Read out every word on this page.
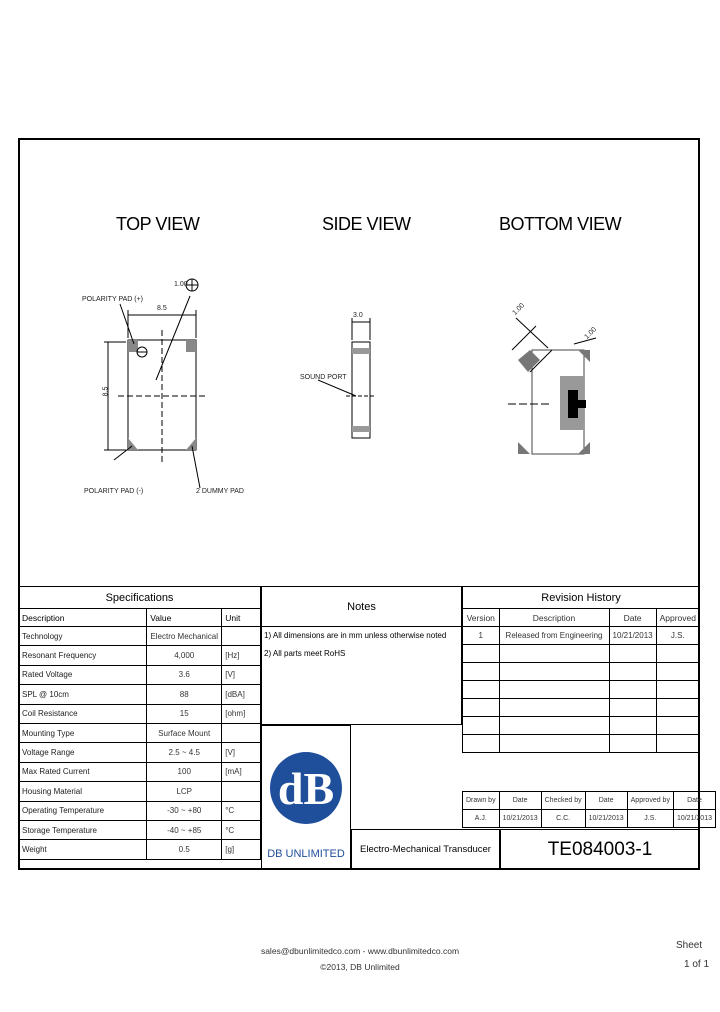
TOP VIEW	SIDE VIEW	BOTTOM VIEW
POLARITY PAD (+)
POLARITY PAD (-)	2 DUMMY PAD
8.5
8.5
1.00
3.0
SOUND PORT
1.00
1.00
Specifications		
Description	Value	Unit
Technology	Electro Mechanical	
Resonant Frequency	4,000	[Hz]
Rated Voltage	3.6	[V]
SPL @ 10cm	88	[dBA]
Coil Resistance	15	[ohm]
Mounting Type	Surface Mount	
Voltage Range	2.5 ~ 4.5	[V]
Max Rated Current	100	[mA]
Housing Material	LCP	
Operating Temperature	-30 ~ +80	°C
Storage Temperature	-40 ~ +85	°C
Weight	0.5	[g]
Notes
1) All dimensions are in mm unless otherwise noted
2) All parts meet RoHS
dB
DB UNLIMITED
Revision History			
Version	Description	Date	Approved
1	Released from Engineering	10/21/2013	J.S.

Drawn by	Date	Checked by	Date	Approved by	Date
A.J.	10/21/2013	C.C.	10/21/2013	J.S.	10/21/2013
Electro-Mechanical Transducer	TE084003-1
sales@dbunlimitedco.com - www.dbunlimitedco.com
©2013, DB Unlimited
Sheet
1 of 1
